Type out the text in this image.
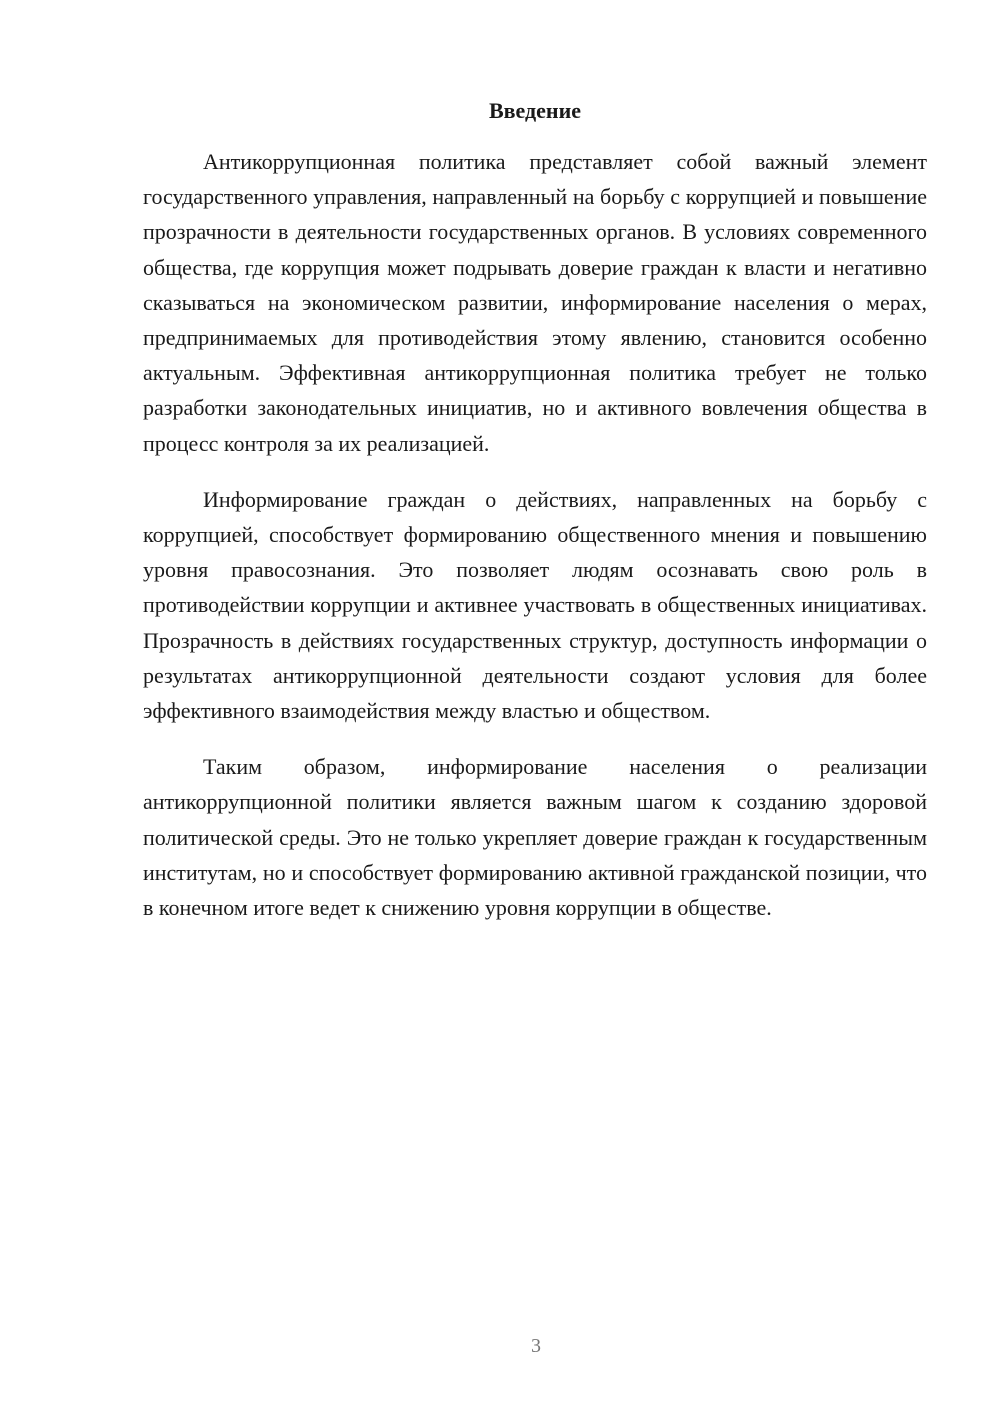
Введение

Антикоррупционная политика представляет собой важный элемент государственного управления, направленный на борьбу с коррупцией и повышение прозрачности в деятельности государственных органов. В условиях современного общества, где коррупция может подрывать доверие граждан к власти и негативно сказываться на экономическом развитии, информирование населения о мерах, предпринимаемых для противодействия этому явлению, становится особенно актуальным. Эффективная антикоррупционная политика требует не только разработки законодательных инициатив, но и активного вовлечения общества в процесс контроля за их реализацией.

Информирование граждан о действиях, направленных на борьбу с коррупцией, способствует формированию общественного мнения и повышению уровня правосознания. Это позволяет людям осознавать свою роль в противодействии коррупции и активнее участвовать в общественных инициативах. Прозрачность в действиях государственных структур, доступность информации о результатах антикоррупционной деятельности создают условия для более эффективного взаимодействия между властью и обществом.

Таким образом, информирование населения о реализации антикоррупционной политики является важным шагом к созданию здоровой политической среды. Это не только укрепляет доверие граждан к государственным институтам, но и способствует формированию активной гражданской позиции, что в конечном итоге ведет к снижению уровня коррупции в обществе.

3
